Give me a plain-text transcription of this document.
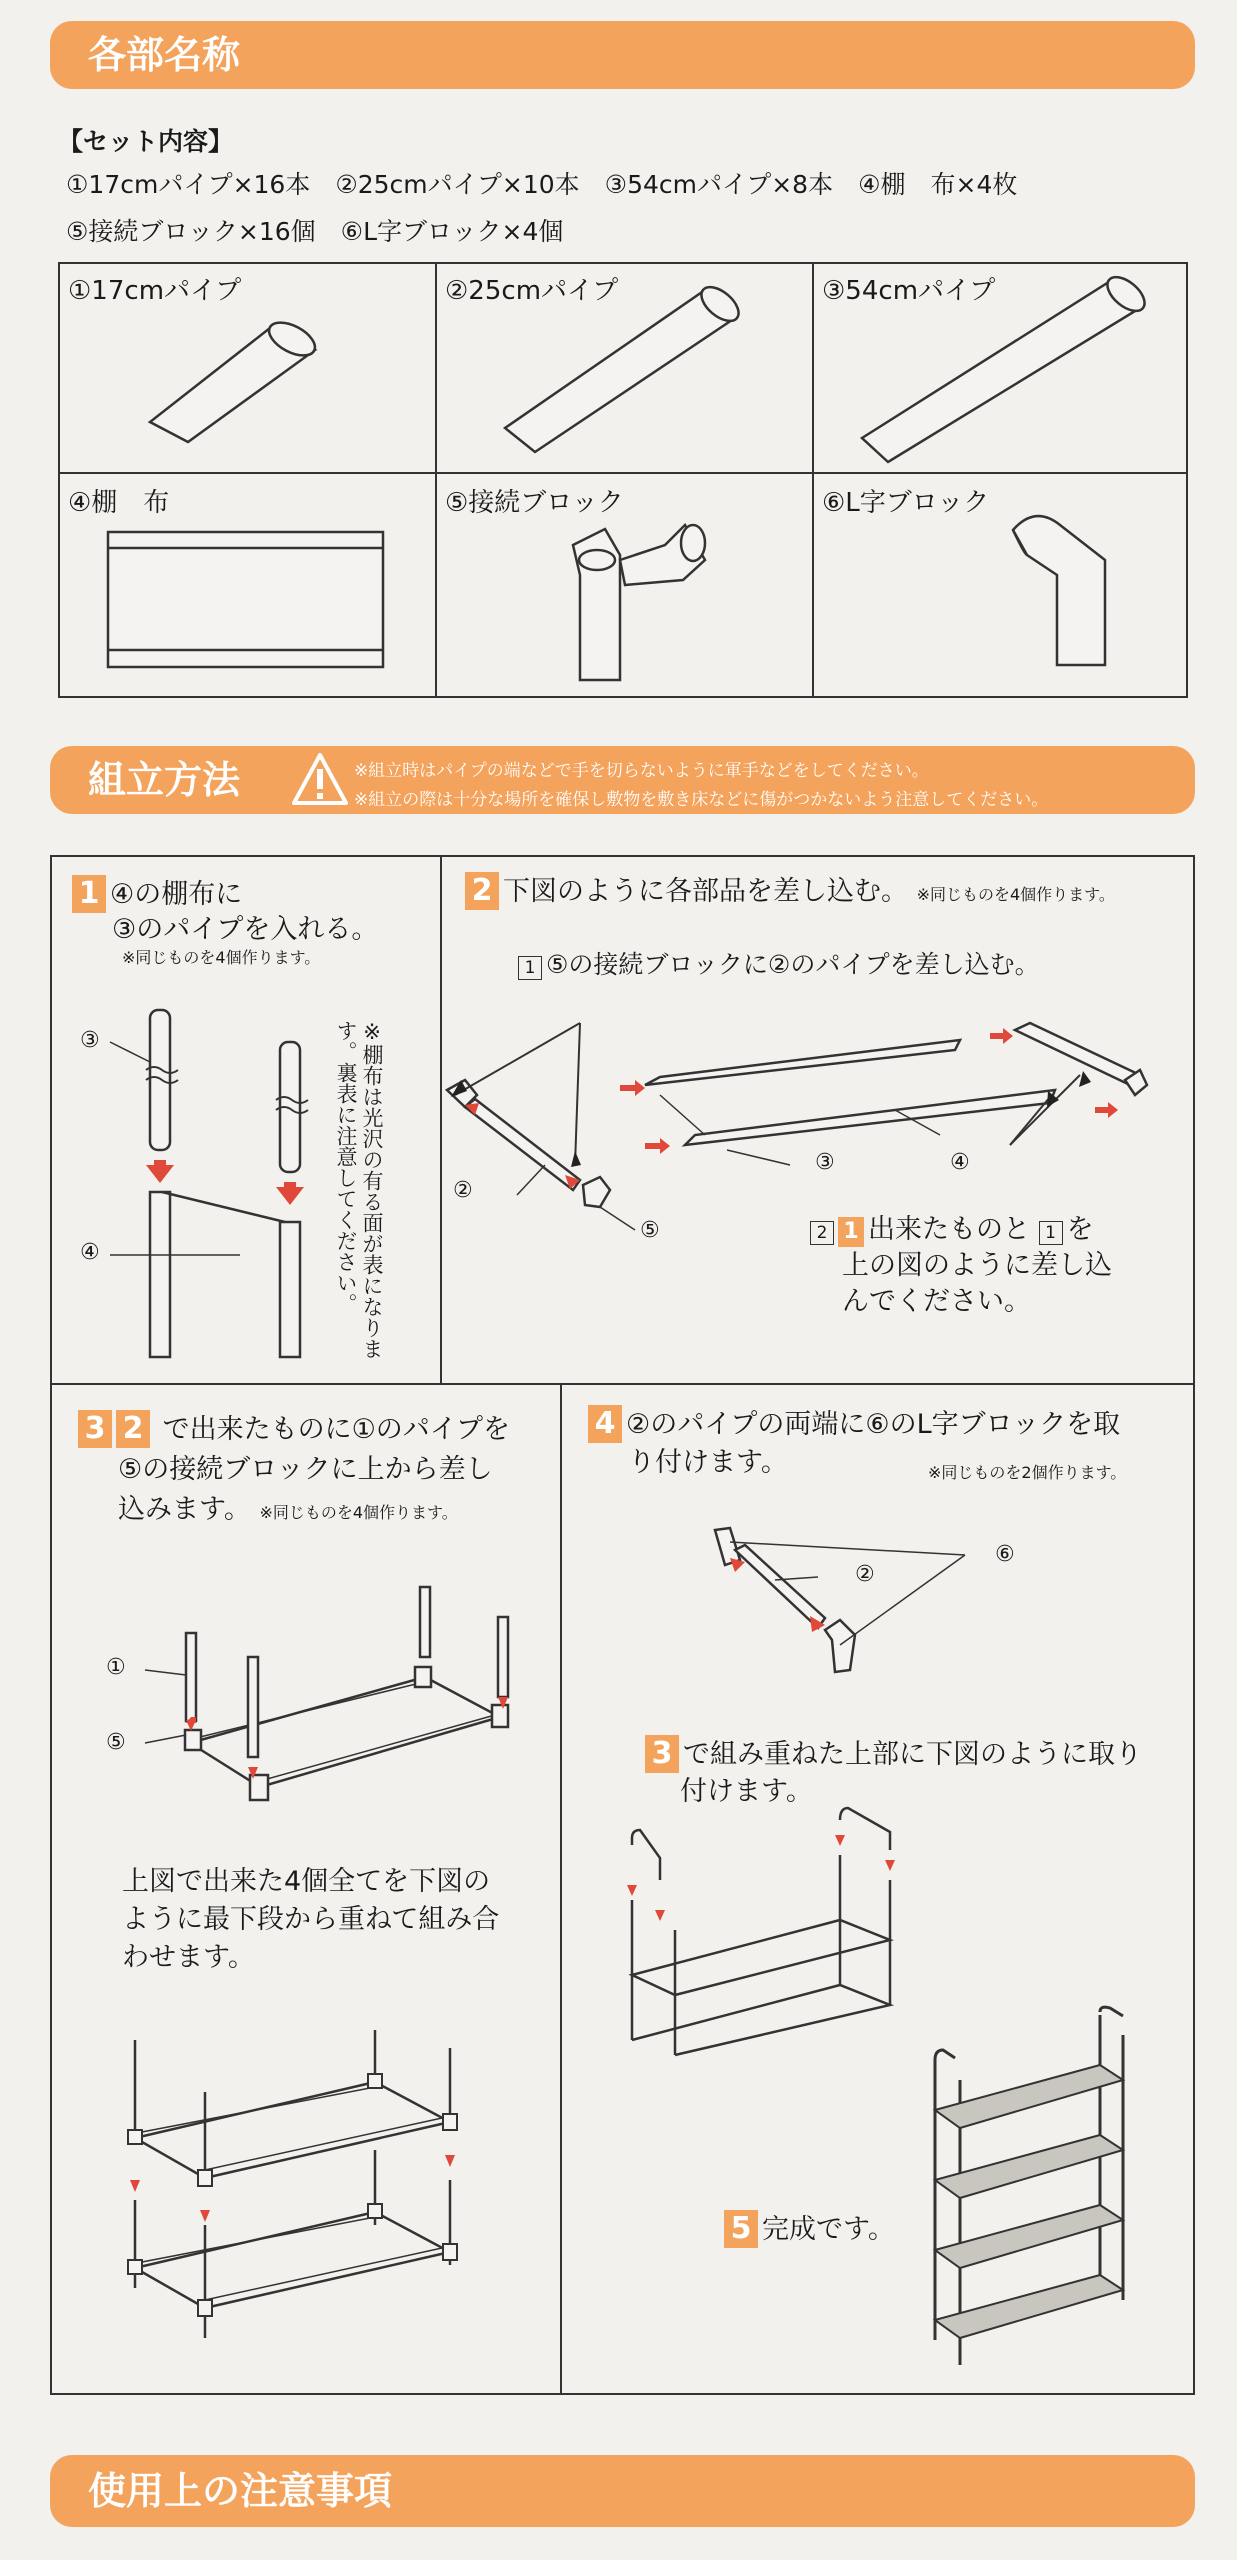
各部名称
【セット内容】
①17cmパイプ×16本　②25cmパイプ×10本　③54cmパイプ×8本　④棚　布×4枚
⑤接続ブロック×16個　⑥L字ブロック×4個
①17cmパイプ	②25cmパイプ	③54cmパイプ
④棚　布	⑤接続ブロック	⑥L字ブロック
組立方法	※組立時はパイプの端などで手を切らないように軍手などをしてください。
※組立の際は十分な場所を確保し敷物を敷き床などに傷がつかないよう注意してください。
1 ④の棚布に
③のパイプを入れる。
※同じものを4個作ります。
※棚布は光沢の有る面が表になります。裏表に注意してください。
③
④
2 下図のように各部品を差し込む。 ※同じものを4個作ります。
1 ⑤の接続ブロックに②のパイプを差し込む。
②
⑤
③	④
2 1 出来たものと 1 を
上の図のように差し込
んでください。
3 2 で出来たものに①のパイプを
⑤の接続ブロックに上から差し
込みます。 ※同じものを4個作ります。
①
⑤
上図で出来た4個全てを下図の
ように最下段から重ねて組み合
わせます。
4 ②のパイプの両端に⑥のL字ブロックを取
り付けます。	※同じものを2個作ります。
②
⑥
3 で組み重ねた上部に下図のように取り
付けます。
5 完成です。
使用上の注意事項
